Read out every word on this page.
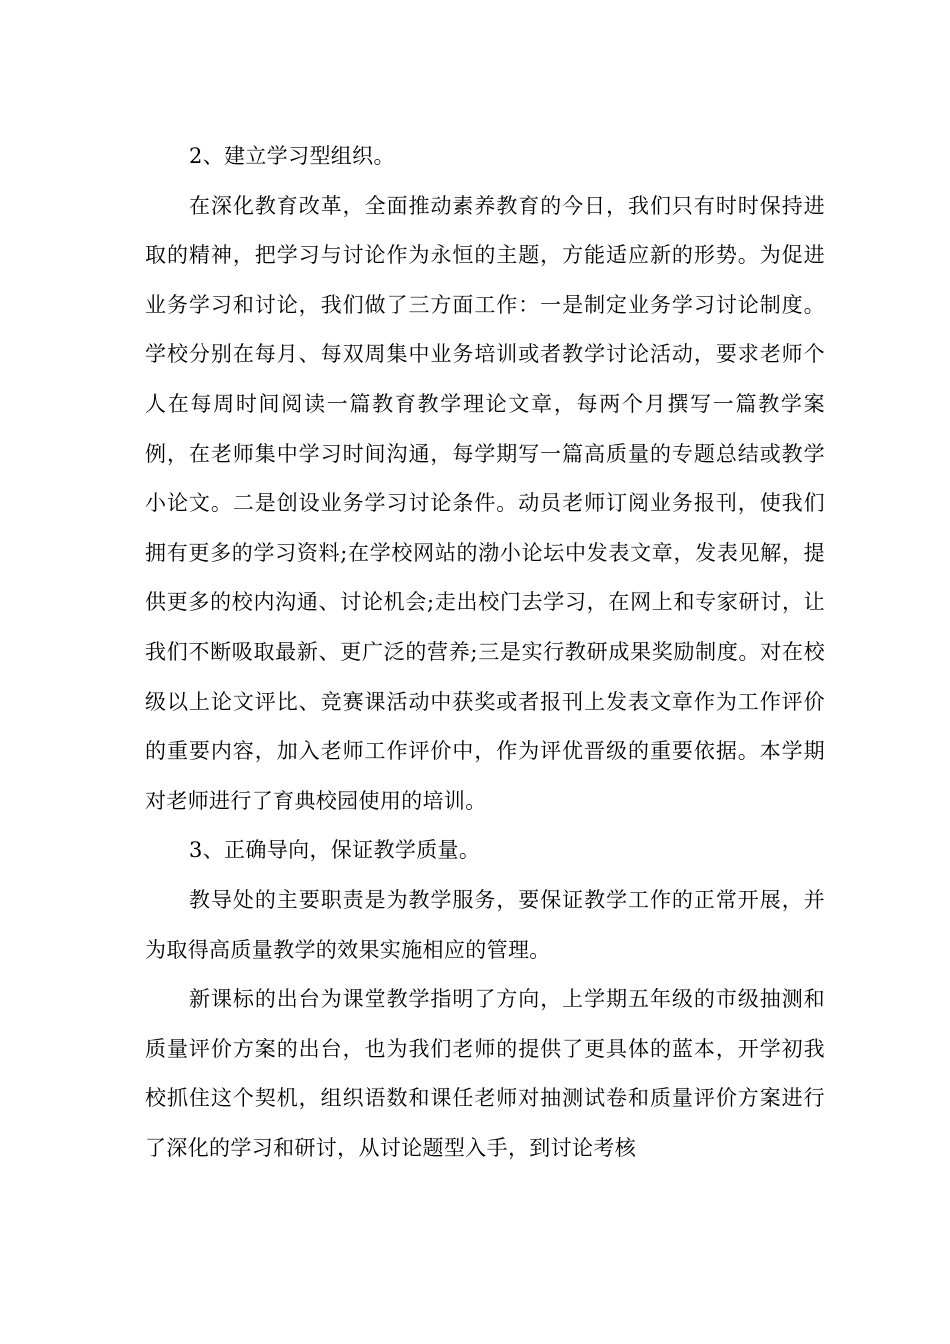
2、建立学习型组织。

在深化教育改革，全面推动素养教育的今日，我们只有时时保持进取的精神，把学习与讨论作为永恒的主题，方能适应新的形势。为促进业务学习和讨论，我们做了三方面工作：一是制定业务学习讨论制度。学校分别在每月、每双周集中业务培训或者教学讨论活动，要求老师个人在每周时间阅读一篇教育教学理论文章，每两个月撰写一篇教学案例，在老师集中学习时间沟通，每学期写一篇高质量的专题总结或教学小论文。二是创设业务学习讨论条件。动员老师订阅业务报刊，使我们拥有更多的学习资料;在学校网站的渤小论坛中发表文章，发表见解，提供更多的校内沟通、讨论机会;走出校门去学习，在网上和专家研讨，让我们不断吸取最新、更广泛的营养;三是实行教研成果奖励制度。对在校级以上论文评比、竞赛课活动中获奖或者报刊上发表文章作为工作评价的重要内容，加入老师工作评价中，作为评优晋级的重要依据。本学期对老师进行了育典校园使用的培训。

3、正确导向，保证教学质量。

教导处的主要职责是为教学服务，要保证教学工作的正常开展，并为取得高质量教学的效果实施相应的管理。

新课标的出台为课堂教学指明了方向，上学期五年级的市级抽测和质量评价方案的出台，也为我们老师的提供了更具体的蓝本，开学初我校抓住这个契机，组织语数和课任老师对抽测试卷和质量评价方案进行了深化的学习和研讨，从讨论题型入手，到讨论考核
